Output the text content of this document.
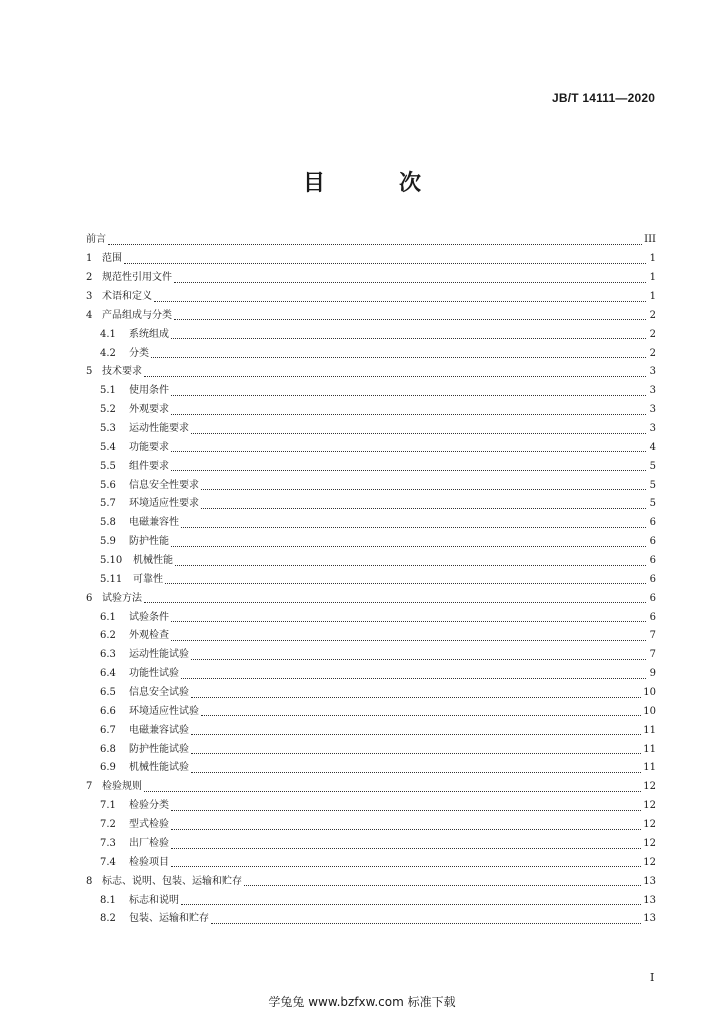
JB/T 14111—2020
目　次
前言	III
1 范围	1
2 规范性引用文件	1
3 术语和定义	1
4 产品组成与分类	2
4.1	系统组成	2
4.2	分类	2
5 技术要求	3
5.1	使用条件	3
5.2	外观要求	3
5.3	运动性能要求	3
5.4	功能要求	4
5.5	组件要求	5
5.6	信息安全性要求	5
5.7	环境适应性要求	5
5.8	电磁兼容性	6
5.9	防护性能	6
5.10	机械性能	6
5.11	可靠性	6
6 试验方法	6
6.1	试验条件	6
6.2	外观检查	7
6.3	运动性能试验	7
6.4	功能性试验	9
6.5	信息安全试验	10
6.6	环境适应性试验	10
6.7	电磁兼容试验	11
6.8	防护性能试验	11
6.9	机械性能试验	11
7 检验规则	12
7.1	检验分类	12
7.2	型式检验	12
7.3	出厂检验	12
7.4	检验项目	12
8 标志、说明、包装、运输和贮存	13
8.1	标志和说明	13
8.2	包装、运输和贮存	13
I
学兔兔 www.bzfxw.com 标准下载
